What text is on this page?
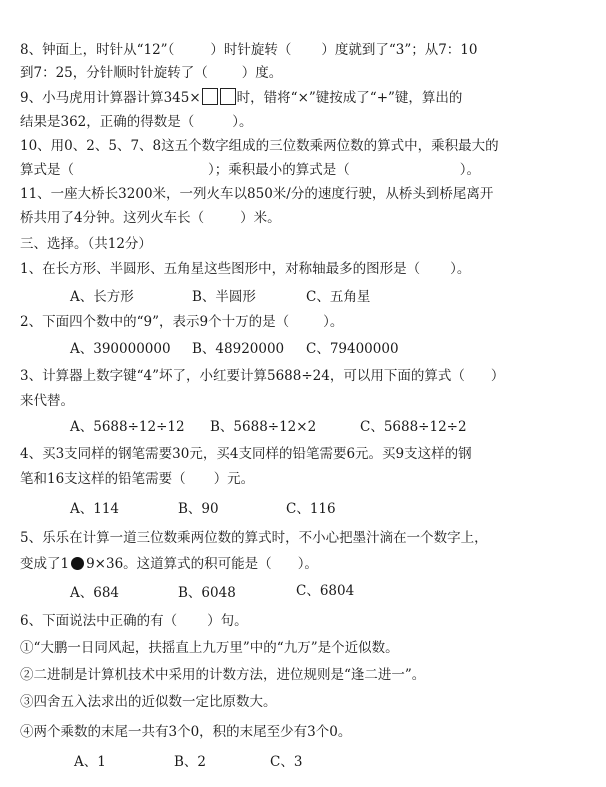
8、钟面上，时针从“12”（	）时针旋转（ ）度就到了“3”；从7：10
到7：25，分针顺时针旋转了（	）度。
9、小马虎用计算器计算345×	时，错将“×”键按成了“+”键，算出的
结果是362，正确的得数是（	）。
10、用0、2、5、7、8这五个数字组成的三位数乘两位数的算式中，乘积最大的
算式是（	）；乘积最小的算式是（	）。
11、一座大桥长3200米，一列火车以850米/分的速度行驶，从桥头到桥尾离开
桥共用了4分钟。这列火车长（	）米。
三、选择。（共12分）
1、在长方形、半圆形、五角星这些图形中，对称轴最多的图形是（ ）。
A、长方形	B、半圆形	C、五角星
2、下面四个数中的“9”，表示9个十万的是（	）。
A、390000000 B、48920000 C、79400000
3、计算器上数字键“4”坏了，小红要计算5688÷24，可以用下面的算式（ ）
来代替。
A、5688÷12÷12 B、5688÷12×2	C、5688÷12÷2
4、买3支同样的钢笔需要30元，买4支同样的铅笔需要6元。买9支这样的钢
笔和16支这样的铅笔需要（ ）元。
A、114	B、90	C、116
5、乐乐在计算一道三位数乘两位数的算式时，不小心把墨汁滴在一个数字上，
变成了1 9×36。这道算式的积可能是（ ）。
A、684	B、6048	C、6804
6、下面说法中正确的有（ ）句。
①“大鹏一日同风起，扶摇直上九万里”中的“九万”是个近似数。
②二进制是计算机技术中采用的计数方法，进位规则是“逢二进一”。
③四舍五入法求出的近似数一定比原数大。
④两个乘数的末尾一共有3个0，积的末尾至少有3个0。
A、1	B、2	C、3
